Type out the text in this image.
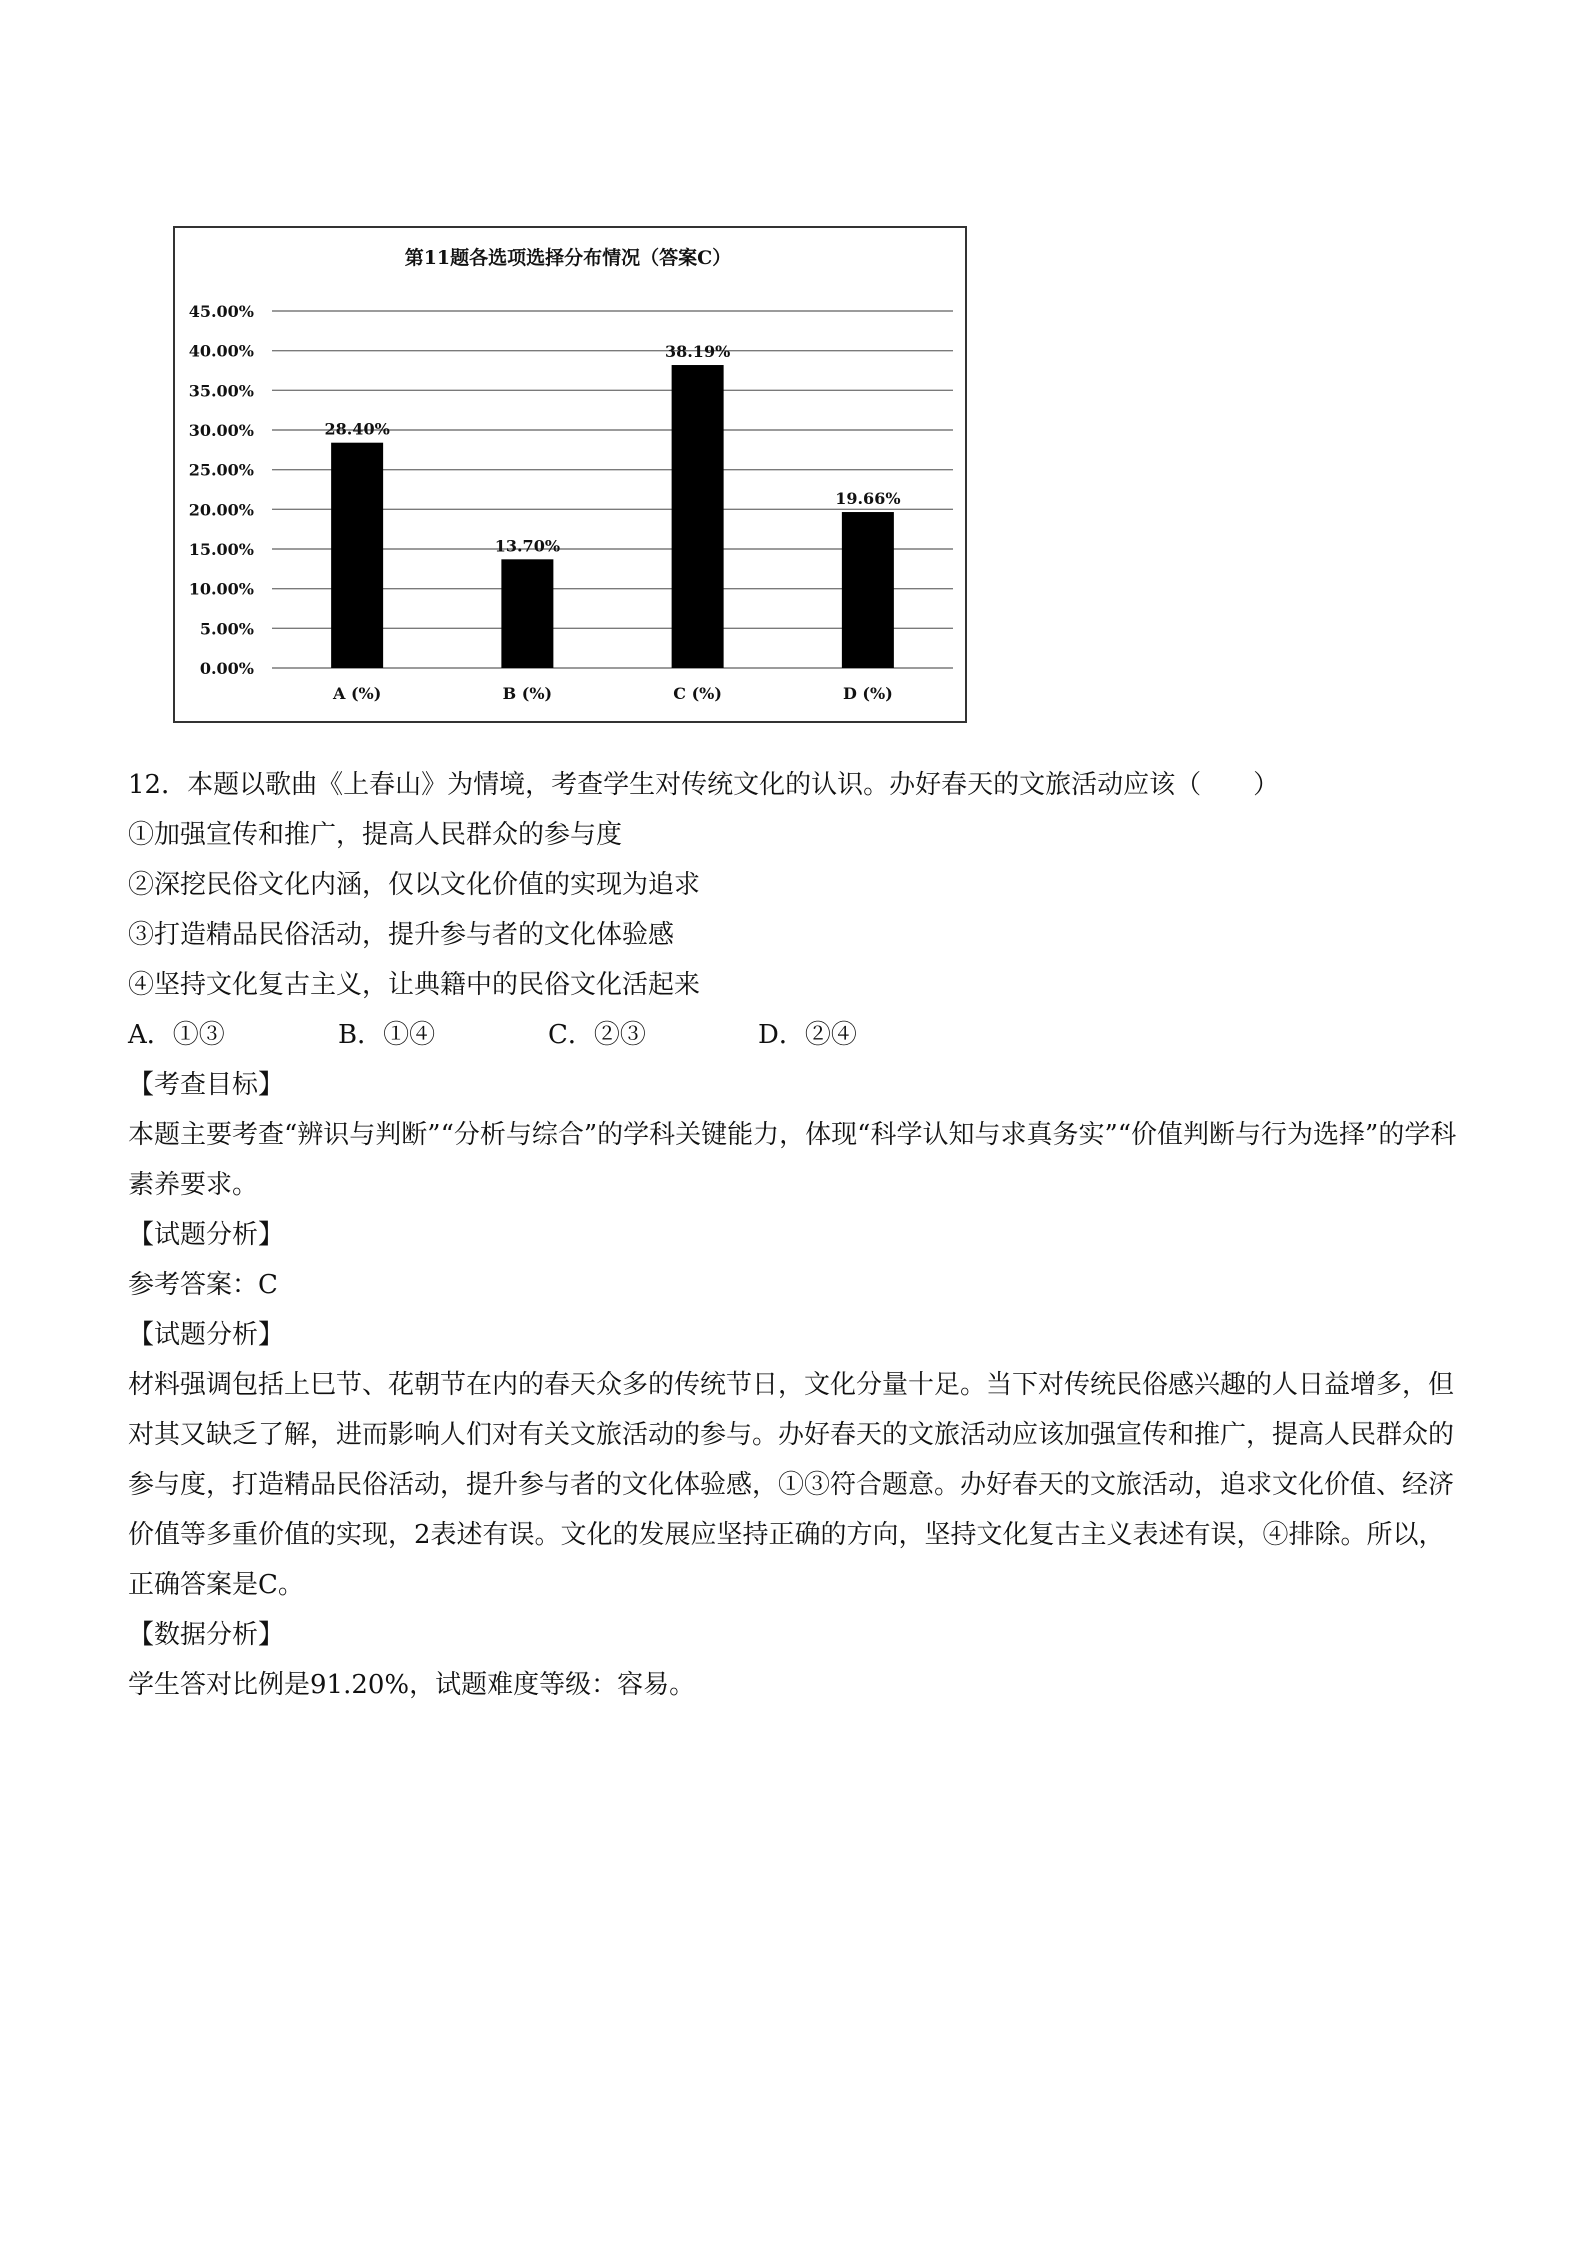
第11题各选项选择分布情况（答案C）
0.00%
5.00%
10.00%
15.00%
20.00%
25.00%
30.00%
35.00%
40.00%
45.00%
28.40%
A (%)
13.70%
B (%)
38.19%
C (%)
19.66%
D (%)

12．本题以歌曲《上春山》为情境，考查学生对传统文化的认识。办好春天的文旅活动应该（　　）

①加强宣传和推广，提高人民群众的参与度

②深挖民俗文化内涵，仅以文化价值的实现为追求

③打造精品民俗活动，提升参与者的文化体验感

④坚持文化复古主义，让典籍中的民俗文化活起来

A．①③	B．①④	C．②③	D．②④

【考查目标】

本题主要考查“辨识与判断”“分析与综合”的学科关键能力，体现“科学认知与求真务实”“价值判断与行为选择”的学科素养要求。

【试题分析】

参考答案：C

【试题分析】

材料强调包括上巳节、花朝节在内的春天众多的传统节日，文化分量十足。当下对传统民俗感兴趣的人日益增多，但对其又缺乏了解，进而影响人们对有关文旅活动的参与。办好春天的文旅活动应该加强宣传和推广，提高人民群众的参与度，打造精品民俗活动，提升参与者的文化体验感，①③符合题意。办好春天的文旅活动，追求文化价值、经济价值等多重价值的实现，2表述有误。文化的发展应坚持正确的方向，坚持文化复古主义表述有误，④排除。所以，正确答案是C。

【数据分析】

学生答对比例是91.20%，试题难度等级：容易。
